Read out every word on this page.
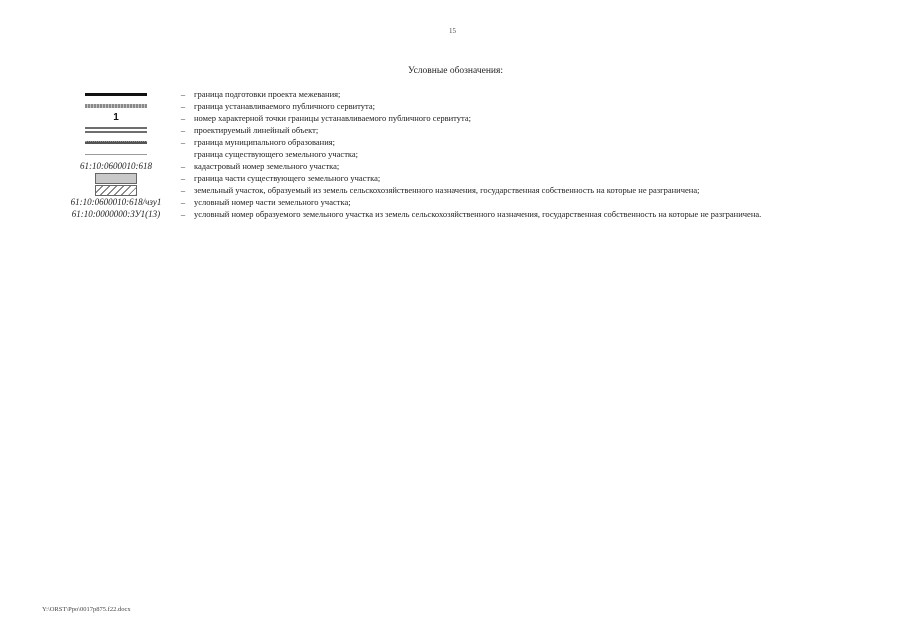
15
Условные обозначения:
–	граница подготовки проекта межевания;
–	граница устанавливаемого публичного сервитута;
1	–	номер характерной точки границы устанавливаемого публичного сервитута;
–	проектируемый линейный объект;
–	граница муниципального образования;
граница существующего земельного участка;
61:10:0600010:618	–	кадастровый номер земельного участка;
–	граница части существующего земельного участка;
–	земельный участок, образуемый из земель сельскохозяйственного назначения, государственная собственность на которые не разграничена;
61:10:0600010:618/чзу1	–	условный номер части земельного участка;
61:10:0000000:ЗУ1(13)	–	условный номер образуемого земельного участка из земель сельскохозяйственного назначения, государственная собственность на которые не разграничена.
Y:\ORST\Ppo\0017p875.f22.docx
